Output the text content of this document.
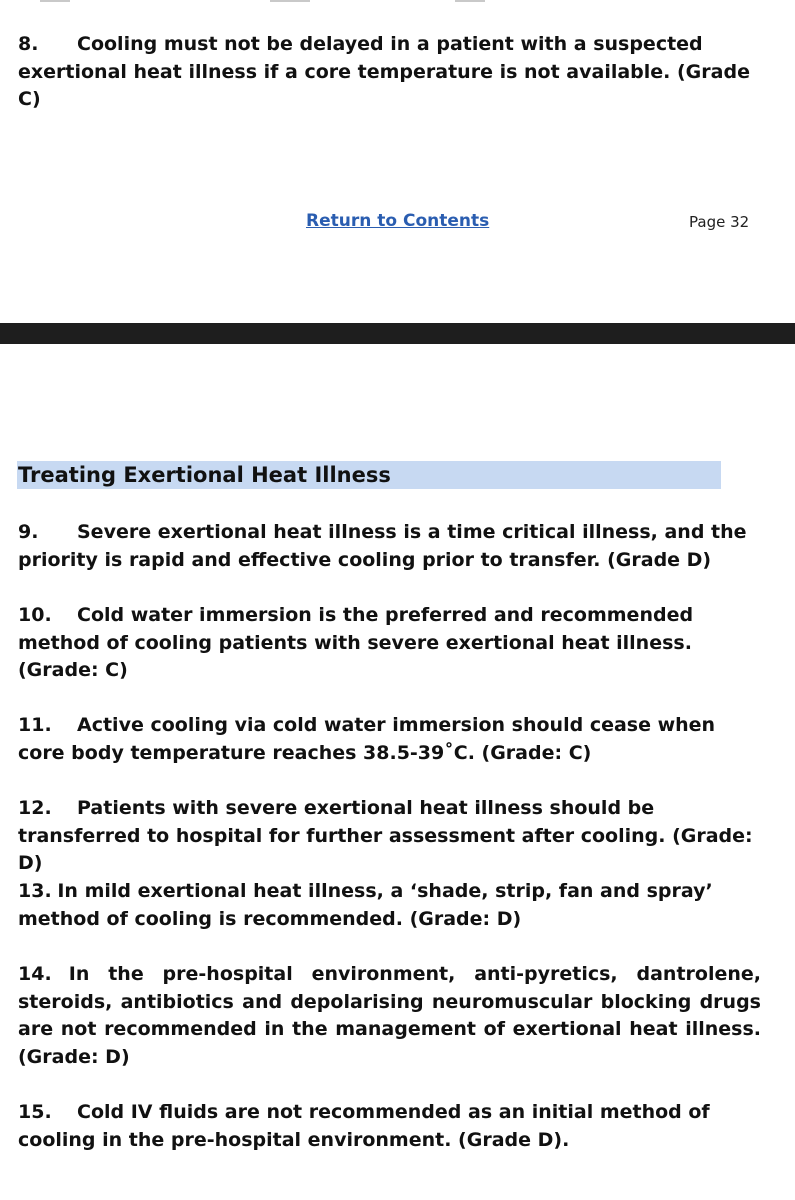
8. Cooling must not be delayed in a patient with a suspected exertional heat illness if a core temperature is not available. (Grade C)

Return to Contents	Page 32
Treating Exertional Heat Illness

9. Severe exertional heat illness is a time critical illness, and the priority is rapid and effective cooling prior to transfer. (Grade D)

10. Cold water immersion is the preferred and recommended method of cooling patients with severe exertional heat illness. (Grade: C)

11. Active cooling via cold water immersion should cease when core body temperature reaches 38.5-39˚C. (Grade: C)

12. Patients with severe exertional heat illness should be transferred to hospital for further assessment after cooling. (Grade: D)

13. In mild exertional heat illness, a ‘shade, strip, fan and spray’ method of cooling is recommended. (Grade: D)

14. In the pre-hospital environment, anti-pyretics, dantrolene, steroids, antibiotics and depolarising neuromuscular blocking drugs are not recommended in the management of exertional heat illness. (Grade: D)

15. Cold IV fluids are not recommended as an initial method of cooling in the pre-hospital environment. (Grade D).
